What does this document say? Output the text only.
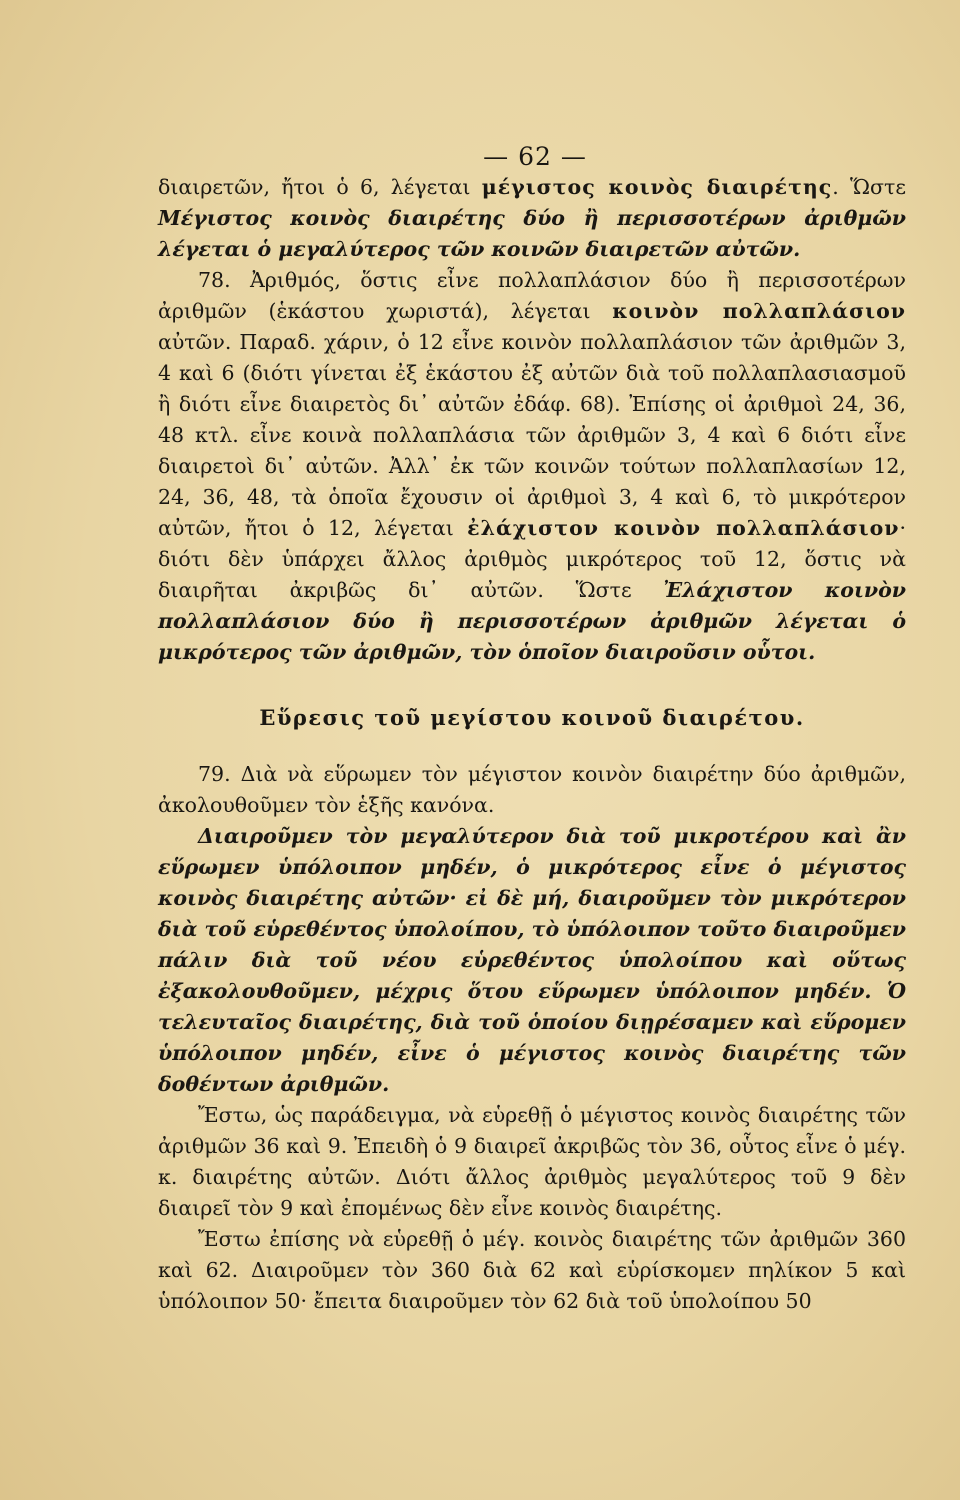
— 62 —

διαιρετῶν, ἤτοι ὁ 6, λέγεται μέγιστος κοινὸς διαιρέτης. Ὥστε Μέγιστος κοινὸς διαιρέτης δύο ἢ περισσοτέρων ἀριθμῶν λέγεται ὁ μεγαλύτερος τῶν κοινῶν διαιρετῶν αὐτῶν.

78. Ἀριθμός, ὅστις εἶνε πολλαπλάσιον δύο ἢ περισσοτέρων ἀριθμῶν (ἑκάστου χωριστά), λέγεται κοινὸν πολλαπλάσιον αὐτῶν. Παραδ. χάριν, ὁ 12 εἶνε κοινὸν πολλαπλάσιον τῶν ἀριθμῶν 3, 4 καὶ 6 (διότι γίνεται ἐξ ἑκάστου ἐξ αὐτῶν διὰ τοῦ πολλαπλασιασμοῦ ἢ διότι εἶνε διαιρετὸς δι᾽ αὐτῶν ἐδάφ. 68). Ἐπίσης οἱ ἀριθμοὶ 24, 36, 48 κτλ. εἶνε κοινὰ πολλαπλάσια τῶν ἀριθμῶν 3, 4 καὶ 6 διότι εἶνε διαιρετοὶ δι᾽ αὐτῶν. Ἀλλ᾽ ἐκ τῶν κοινῶν τούτων πολλαπλασίων 12, 24, 36, 48, τὰ ὁποῖα ἔχουσιν οἱ ἀριθμοὶ 3, 4 καὶ 6, τὸ μικρότερον αὐτῶν, ἤτοι ὁ 12, λέγεται ἐλάχιστον κοινὸν πολλαπλάσιον· διότι δὲν ὑπάρχει ἄλλος ἀριθμὸς μικρότερος τοῦ 12, ὅστις νὰ διαιρῆται ἀκριβῶς δι᾽ αὐτῶν. Ὥστε Ἐλάχιστον κοινὸν πολλαπλάσιον δύο ἢ περισσοτέρων ἀριθμῶν λέγεται ὁ μικρότερος τῶν ἀριθμῶν, τὸν ὁποῖον διαιροῦσιν οὗτοι.

Εὕρεσις τοῦ μεγίστου κοινοῦ διαιρέτου.

79. Διὰ νὰ εὕρωμεν τὸν μέγιστον κοινὸν διαιρέτην δύο ἀριθμῶν, ἀκολουθοῦμεν τὸν ἑξῆς κανόνα.

Διαιροῦμεν τὸν μεγαλύτερον διὰ τοῦ μικροτέρου καὶ ἂν εὕρωμεν ὑπόλοιπον μηδέν, ὁ μικρότερος εἶνε ὁ μέγιστος κοινὸς διαιρέτης αὐτῶν· εἰ δὲ μή, διαιροῦμεν τὸν μικρότερον διὰ τοῦ εὑρεθέντος ὑπολοίπου, τὸ ὑπόλοιπον τοῦτο διαιροῦμεν πάλιν διὰ τοῦ νέου εὑρεθέντος ὑπολοίπου καὶ οὕτως ἐξακολουθοῦμεν, μέχρις ὅτου εὕρωμεν ὑπόλοιπον μηδέν. Ὁ τελευταῖος διαιρέτης, διὰ τοῦ ὁποίου διῃρέσαμεν καὶ εὕρομεν ὑπόλοιπον μηδέν, εἶνε ὁ μέγιστος κοινὸς διαιρέτης τῶν δοθέντων ἀριθμῶν.

Ἔστω, ὡς παράδειγμα, νὰ εὑρεθῇ ὁ μέγιστος κοινὸς διαιρέτης τῶν ἀριθμῶν 36 καὶ 9. Ἐπειδὴ ὁ 9 διαιρεῖ ἀκριβῶς τὸν 36, οὗτος εἶνε ὁ μέγ. κ. διαιρέτης αὐτῶν. Διότι ἄλλος ἀριθμὸς μεγαλύτερος τοῦ 9 δὲν διαιρεῖ τὸν 9 καὶ ἐπομένως δὲν εἶνε κοινὸς διαιρέτης.

Ἔστω ἐπίσης νὰ εὑρεθῇ ὁ μέγ. κοινὸς διαιρέτης τῶν ἀριθμῶν 360 καὶ 62. Διαιροῦμεν τὸν 360 διὰ 62 καὶ εὑρίσκομεν πηλίκον 5 καὶ ὑπόλοιπον 50· ἔπειτα διαιροῦμεν τὸν 62 διὰ τοῦ ὑπολοίπου 50
